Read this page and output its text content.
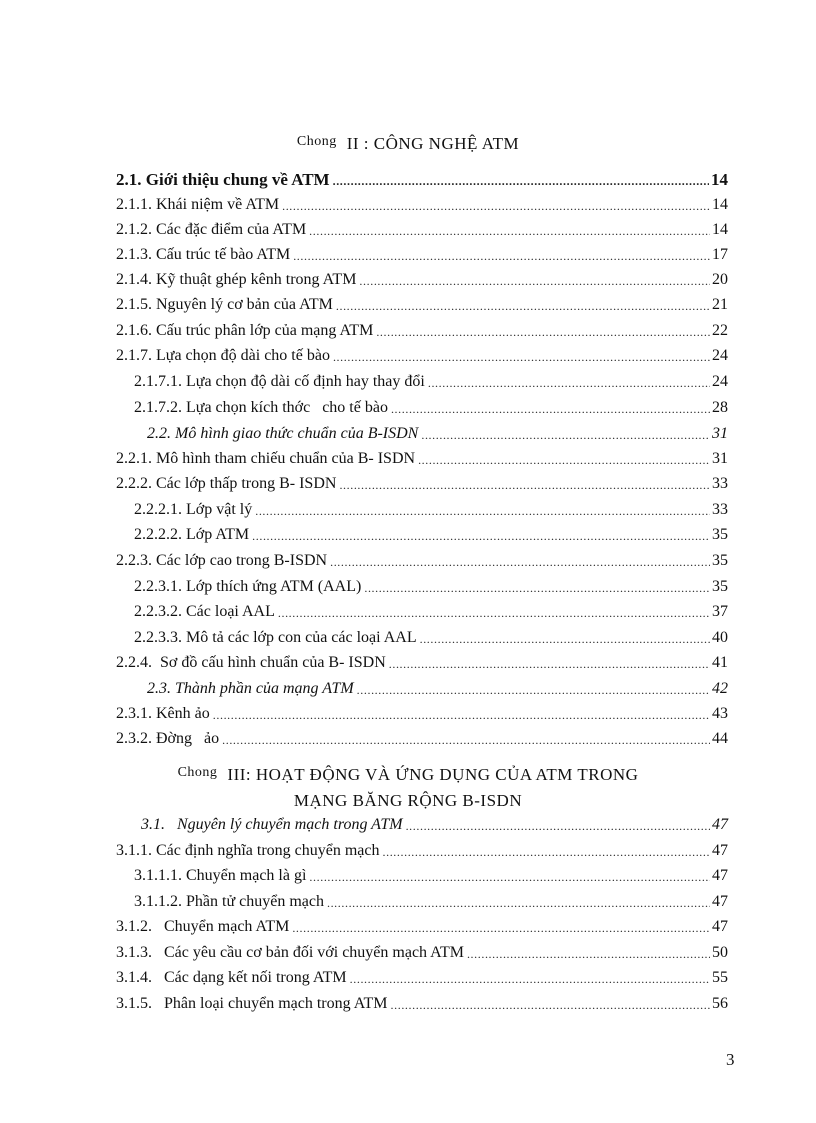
$^{Chong}$ II : CÔNG NGHỆ ATM
2.1. Giới thiệu chung về ATM .....	14
2.1.1. Khái niệm về ATM .....	14
2.1.2. Các đặc điểm của ATM .....	14
2.1.3. Cấu trúc tế bào ATM .....	17
2.1.4. Kỹ thuật ghép kênh trong ATM .....	20
2.1.5. Nguyên lý cơ bản của ATM .....	21
2.1.6. Cấu trúc phân lớp của mạng ATM .....	22
2.1.7. Lựa chọn độ dài cho tế bào .....	24
2.1.7.1. Lựa chọn độ dài cố định hay thay đổi .....	24
2.1.7.2. Lựa chọn kích thớc   cho tế bào .....	28
2.2. Mô hình giao thức chuẩn của B-ISDN .....	31
2.2.1. Mô hình tham chiếu chuẩn của B- ISDN .....	31
2.2.2. Các lớp thấp trong B- ISDN .....	33
2.2.2.1. Lớp vật lý .....	33
2.2.2.2. Lớp ATM .....	35
2.2.3. Các lớp cao trong B-ISDN .....	35
2.2.3.1. Lớp thích ứng ATM (AAL) .....	35
2.2.3.2. Các loại AAL .....	37
2.2.3.3. Mô tả các lớp con của các loại AAL .....	40
2.2.4.  Sơ đồ cấu hình chuẩn của B- ISDN .....	41
2.3. Thành phần của mạng ATM .....	42
2.3.1. Kênh ảo .....	43
2.3.2. Đờng   ảo .....	44
$^{Chong}$ III: HOẠT ĐỘNG VÀ ỨNG DỤNG CỦA ATM TRONG
MẠNG BĂNG RỘNG B-ISDN
3.1.   Nguyên lý chuyển mạch trong ATM .....	47
3.1.1. Các định nghĩa trong chuyển mạch .....	47
3.1.1.1. Chuyển mạch là gì .....	47
3.1.1.2. Phần tử chuyển mạch .....	47
3.1.2.   Chuyển mạch ATM .....	47
3.1.3.   Các yêu cầu cơ bản đối với chuyển mạch ATM .....	50
3.1.4.   Các dạng kết nối trong ATM .....	55
3.1.5.   Phân loại chuyển mạch trong ATM .....	56
3
